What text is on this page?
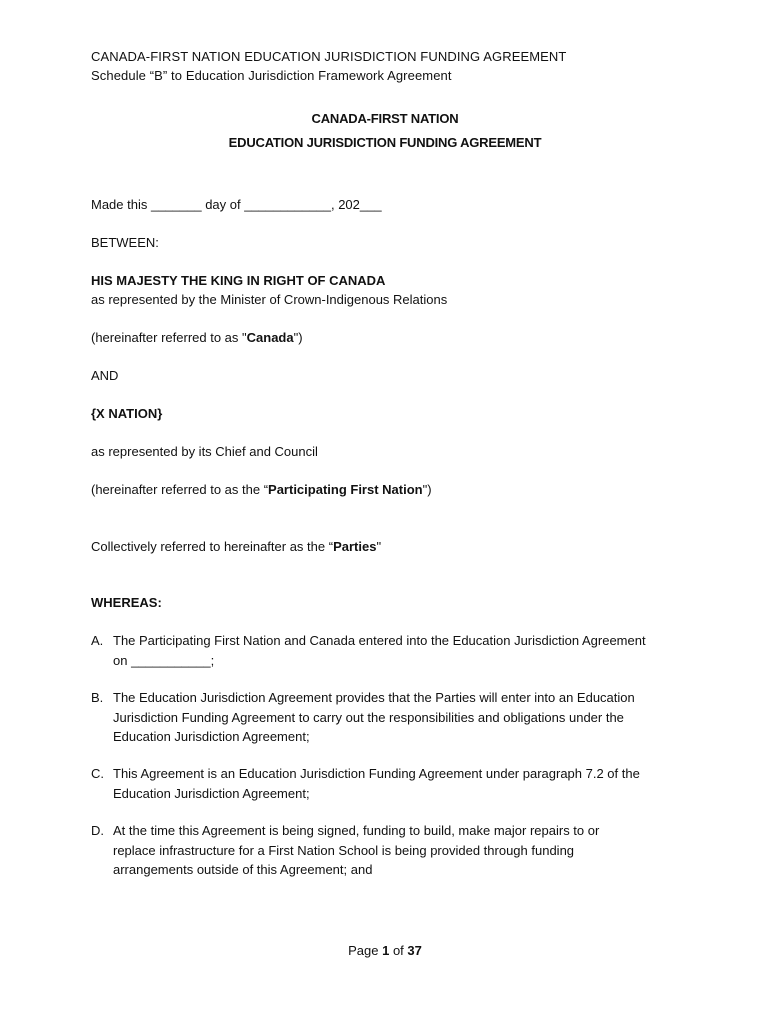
CANADA-FIRST NATION EDUCATION JURISDICTION FUNDING AGREEMENT
Schedule “B” to Education Jurisdiction Framework Agreement
CANADA-FIRST NATION
EDUCATION JURISDICTION FUNDING AGREEMENT
Made this _______ day of ____________, 202___
BETWEEN:
HIS MAJESTY THE KING IN RIGHT OF CANADA
as represented by the Minister of Crown-Indigenous Relations
(hereinafter referred to as "Canada")
AND
{X NATION}
as represented by its Chief and Council
(hereinafter referred to as the “Participating First Nation")
Collectively referred to hereinafter as the “Parties"
WHEREAS:
A. The Participating First Nation and Canada entered into the Education Jurisdiction Agreement
on ___________;
B. The Education Jurisdiction Agreement provides that the Parties will enter into an Education
Jurisdiction Funding Agreement to carry out the responsibilities and obligations under the
Education Jurisdiction Agreement;
C. This Agreement is an Education Jurisdiction Funding Agreement under paragraph 7.2 of the
Education Jurisdiction Agreement;
D. At the time this Agreement is being signed, funding to build, make major repairs to or
replace infrastructure for a First Nation School is being provided through funding
arrangements outside of this Agreement; and
Page 1 of 37
